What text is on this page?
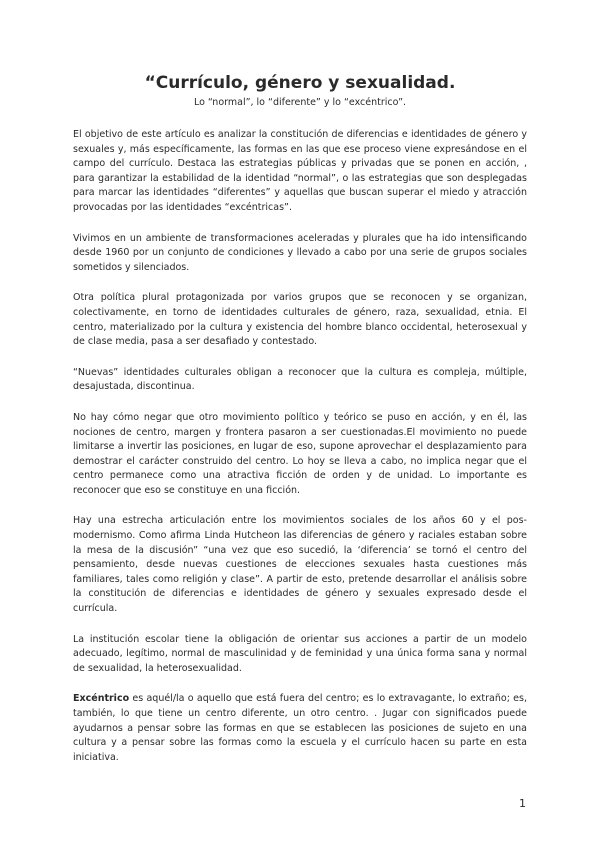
“Currículo, género y sexualidad.
Lo “normal”, lo “diferente” y lo “excéntrico”.

El objetivo de este artículo es analizar la constitución de diferencias e identidades de género y sexuales y, más específicamente, las formas en las que ese proceso viene expresándose en el campo del currículo. Destaca las estrategias públicas y privadas que se ponen en acción, , para garantizar la estabilidad de la identidad “normal”, o las estrategias que son desplegadas para marcar las identidades “diferentes” y aquellas que buscan superar el miedo y atracción provocadas por las identidades “excéntricas”.

Vivimos en un ambiente de transformaciones aceleradas y plurales que ha ido intensificando desde 1960 por un conjunto de condiciones y llevado a cabo por una serie de grupos sociales sometidos y silenciados.

Otra política plural protagonizada por varios grupos que se reconocen y se organizan, colectivamente, en torno de identidades culturales de género, raza, sexualidad, etnia. El centro, materializado por la cultura y existencia del hombre blanco occidental, heterosexual y de clase media, pasa a ser desafiado y contestado.

“Nuevas” identidades culturales obligan a reconocer que la cultura es compleja, múltiple, desajustada, discontinua.

No hay cómo negar que otro movimiento político y teórico se puso en acción, y en él, las nociones de centro, margen y frontera pasaron a ser cuestionadas.El movimiento no puede limitarse a invertir las posiciones, en lugar de eso, supone aprovechar el desplazamiento para demostrar el carácter construido del centro. Lo hoy se lleva a cabo, no implica negar que el centro permanece como una atractiva ficción de orden y de unidad. Lo importante es reconocer que eso se constituye en una ficción.

Hay una estrecha articulación entre los movimientos sociales de los años 60 y el pos-modernismo. Como afirma Linda Hutcheon las diferencias de género y raciales estaban sobre la mesa de la discusión” “una vez que eso sucedió, la ‘diferencia’ se tornó el centro del pensamiento, desde nuevas cuestiones de elecciones sexuales hasta cuestiones más familiares, tales como religión y clase”. A partir de esto, pretende desarrollar el análisis sobre la constitución de diferencias e identidades de género y sexuales expresado desde el currícula.

La institución escolar tiene la obligación de orientar sus acciones a partir de un modelo adecuado, legítimo, normal de masculinidad y de feminidad y una única forma sana y normal de sexualidad, la heterosexualidad.

Excéntrico es aquél/la o aquello que está fuera del centro; es lo extravagante, lo extraño; es, también, lo que tiene un centro diferente, un otro centro. . Jugar con significados puede ayudarnos a pensar sobre las formas en que se establecen las posiciones de sujeto en una cultura y a pensar sobre las formas como la escuela y el currículo hacen su parte en esta iniciativa.

1
